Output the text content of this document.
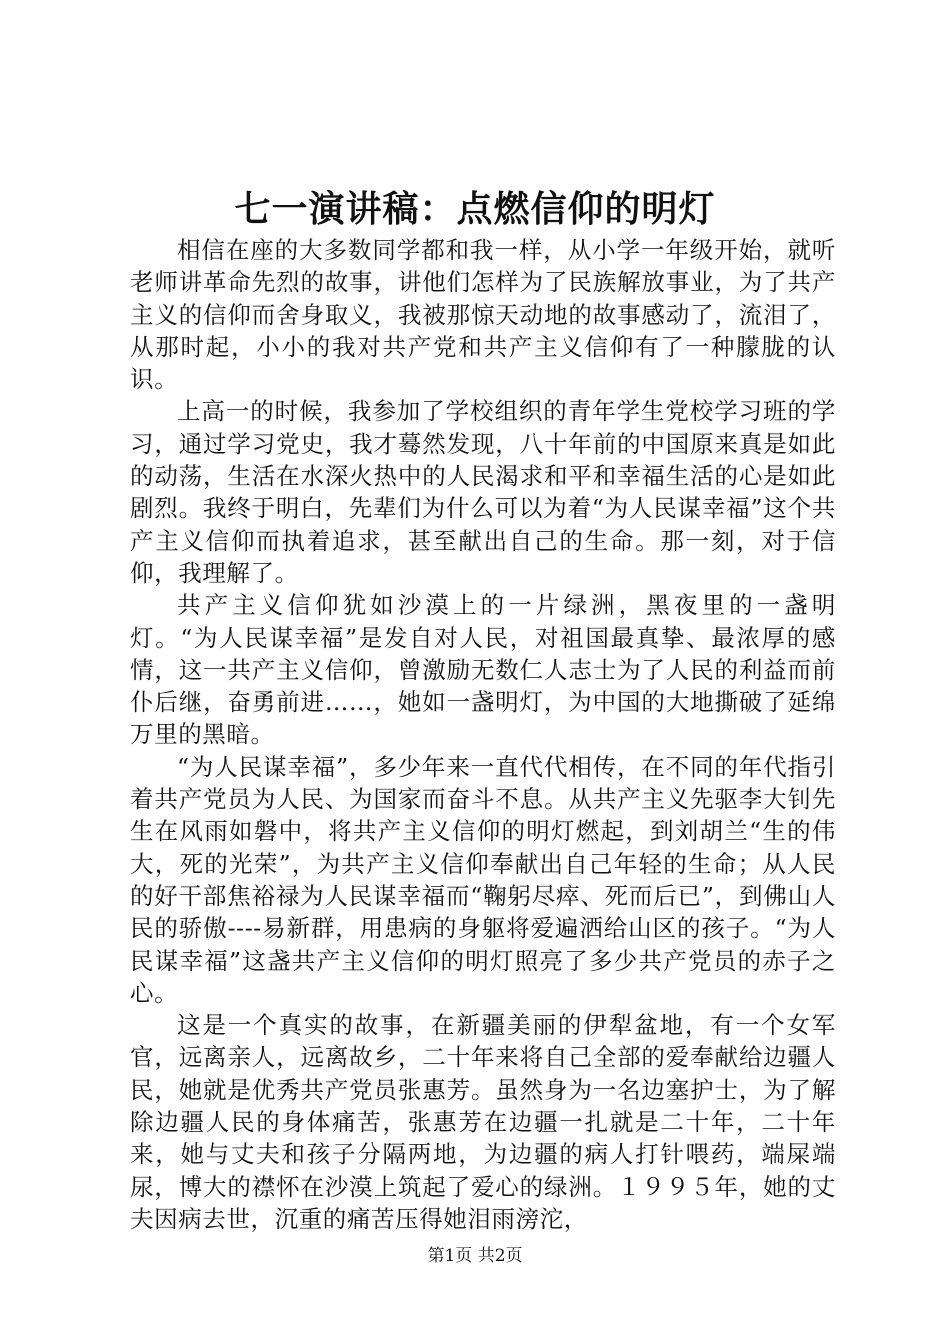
七一演讲稿：点燃信仰的明灯

相信在座的大多数同学都和我一样，从小学一年级开始，就听老师讲革命先烈的故事，讲他们怎样为了民族解放事业，为了共产主义的信仰而舍身取义，我被那惊天动地的故事感动了，流泪了，从那时起，小小的我对共产党和共产主义信仰有了一种朦胧的认识。

上高一的时候，我参加了学校组织的青年学生党校学习班的学习，通过学习党史，我才蓦然发现，八十年前的中国原来真是如此的动荡，生活在水深火热中的人民渴求和平和幸福生活的心是如此剧烈。我终于明白，先辈们为什么可以为着“为人民谋幸福”这个共产主义信仰而执着追求，甚至献出自己的生命。那一刻，对于信仰，我理解了。

共产主义信仰犹如沙漠上的一片绿洲，黑夜里的一盏明灯。“为人民谋幸福”是发自对人民，对祖国最真挚、最浓厚的感情，这一共产主义信仰，曾激励无数仁人志士为了人民的利益而前仆后继，奋勇前进……，她如一盏明灯，为中国的大地撕破了延绵万里的黑暗。

“为人民谋幸福”，多少年来一直代代相传，在不同的年代指引着共产党员为人民、为国家而奋斗不息。从共产主义先驱李大钊先生在风雨如磐中，将共产主义信仰的明灯燃起，到刘胡兰“生的伟大，死的光荣”，为共产主义信仰奉献出自己年轻的生命；从人民的好干部焦裕禄为人民谋幸福而“鞠躬尽瘁、死而后已”，到佛山人民的骄傲----易新群，用患病的身躯将爱遍洒给山区的孩子。“为人民谋幸福”这盏共产主义信仰的明灯照亮了多少共产党员的赤子之心。

这是一个真实的故事，在新疆美丽的伊犁盆地，有一个女军官，远离亲人，远离故乡，二十年来将自己全部的爱奉献给边疆人民，她就是优秀共产党员张惠芳。虽然身为一名边塞护士，为了解除边疆人民的身体痛苦，张惠芳在边疆一扎就是二十年，二十年来，她与丈夫和孩子分隔两地，为边疆的病人打针喂药，端屎端尿，博大的襟怀在沙漠上筑起了爱心的绿洲。１９９５年，她的丈夫因病去世，沉重的痛苦压得她泪雨滂沱，

第1页 共2页
